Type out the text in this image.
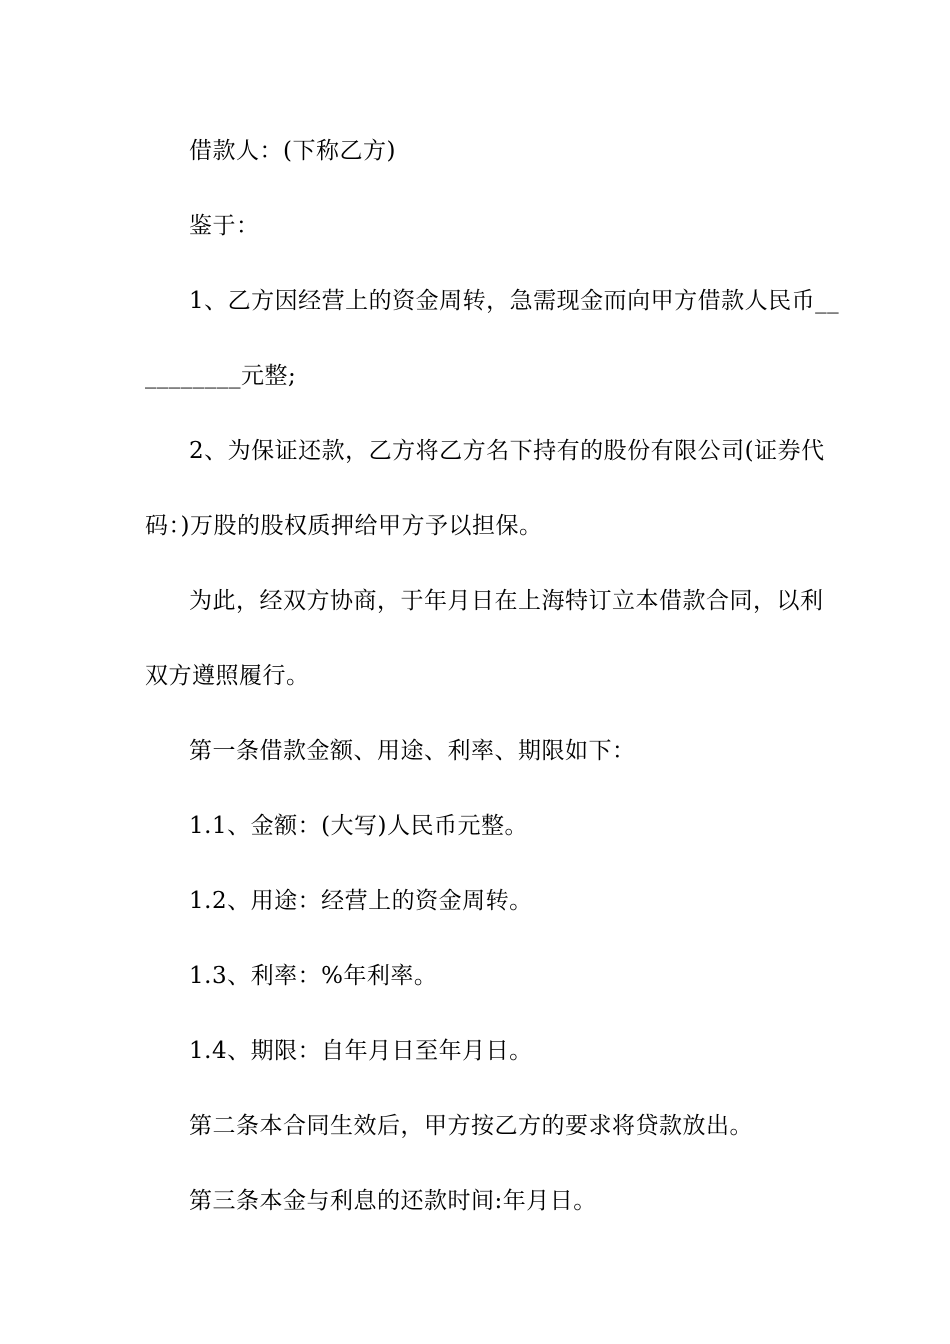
借款人：(下称乙方)
鉴于：
1、乙方因经营上的资金周转，急需现金而向甲方借款人民币__
________元整;
2、为保证还款，乙方将乙方名下持有的股份有限公司(证券代
码：)万股的股权质押给甲方予以担保。
为此，经双方协商，于年月日在上海特订立本借款合同，以利
双方遵照履行。
第一条借款金额、用途、利率、期限如下：
1.1、金额：(大写)人民币元整。
1.2、用途：经营上的资金周转。
1.3、利率：%年利率。
1.4、期限：自年月日至年月日。
第二条本合同生效后，甲方按乙方的要求将贷款放出。
第三条本金与利息的还款时间:年月日。
